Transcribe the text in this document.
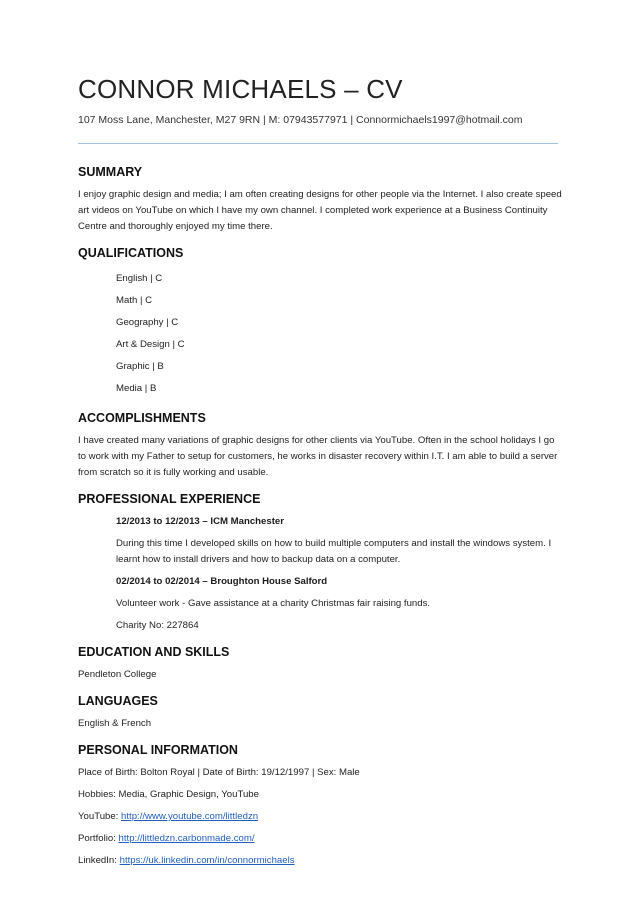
CONNOR MICHAELS – CV
107 Moss Lane, Manchester, M27 9RN | M: 07943577971 | Connormichaels1997@hotmail.com
SUMMARY

I enjoy graphic design and media; I am often creating designs for other people via the Internet. I also create speed art videos on YouTube on which I have my own channel. I completed work experience at a Business Continuity Centre and thoroughly enjoyed my time there.

QUALIFICATIONS
English | C
Math | C
Geography | C
Art & Design | C
Graphic | B
Media | B
ACCOMPLISHMENTS

I have created many variations of graphic designs for other clients via YouTube. Often in the school holidays I go to work with my Father to setup for customers, he works in disaster recovery within I.T. I am able to build a server from scratch so it is fully working and usable.

PROFESSIONAL EXPERIENCE
12/2013 to 12/2013 – ICM Manchester

During this time I developed skills on how to build multiple computers and install the windows system. I learnt how to install drivers and how to backup data on a computer.

02/2014 to 02/2014 – Broughton House Salford

Volunteer work - Gave assistance at a charity Christmas fair raising funds.

Charity No: 227864

EDUCATION AND SKILLS

Pendleton College

LANGUAGES

English & French

PERSONAL INFORMATION

Place of Birth: Bolton Royal | Date of Birth: 19/12/1997 | Sex: Male

Hobbies: Media, Graphic Design, YouTube

YouTube: http://www.youtube.com/littledzn

Portfolio: http://littledzn.carbonmade.com/

LinkedIn: https://uk.linkedin.com/in/connormichaels
